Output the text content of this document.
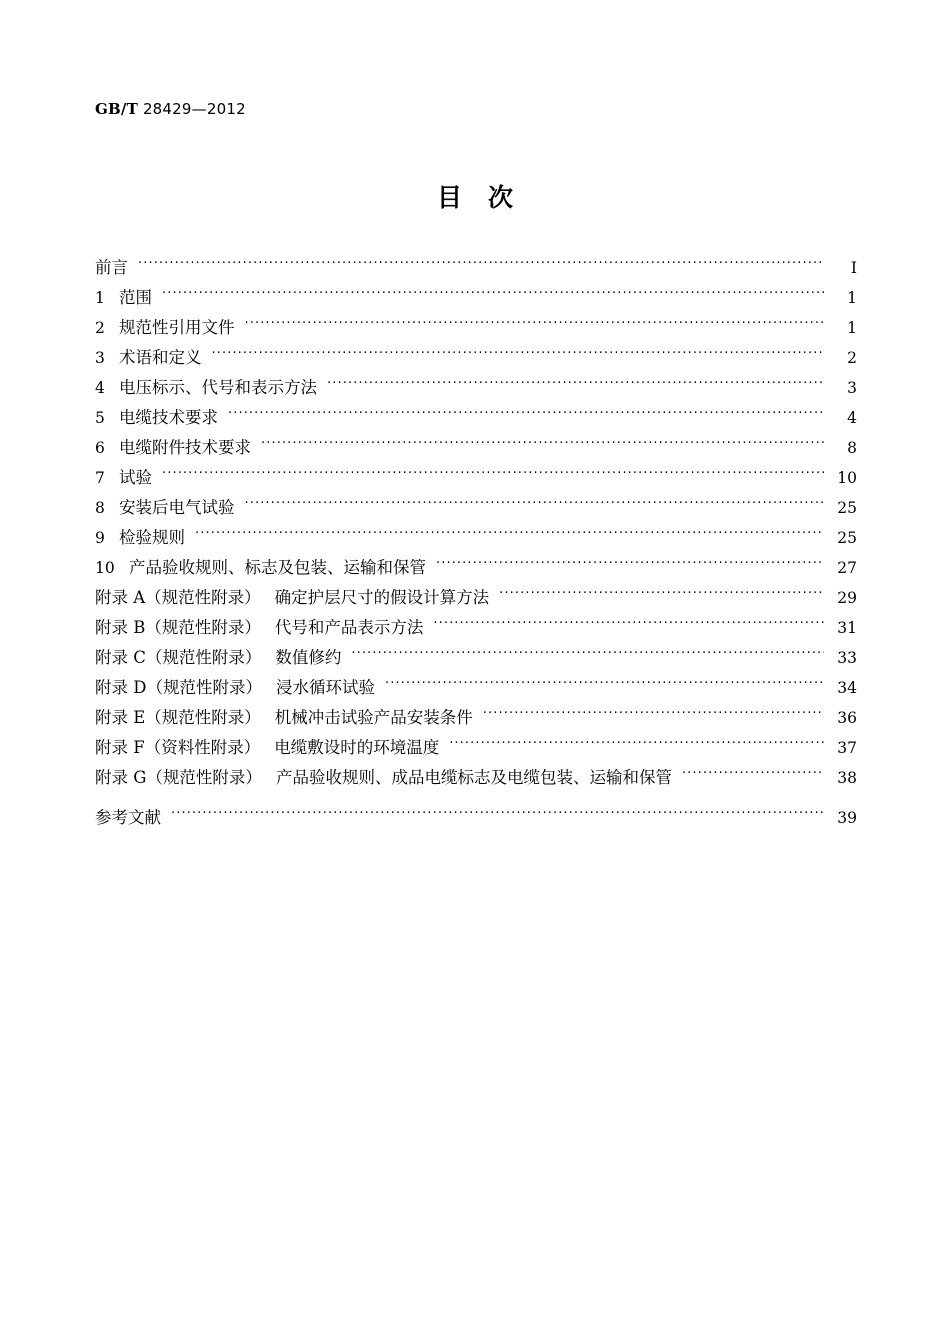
GB/T 28429—2012
目次
前言 ·····	I
1 范围 ·····	1
2 规范性引用文件 ·····	1
3 术语和定义 ·····	2
4 电压标示、代号和表示方法 ·····	3
5 电缆技术要求 ·····	4
6 电缆附件技术要求 ·····	8
7 试验 ·····	10
8 安装后电气试验 ·····	25
9 检验规则 ·····	25
10 产品验收规则、标志及包装、运输和保管 ·····	27
附录 A（规范性附录） 确定护层尺寸的假设计算方法 ·····	29
附录 B（规范性附录） 代号和产品表示方法 ·····	31
附录 C（规范性附录） 数值修约 ·····	33
附录 D（规范性附录） 浸水循环试验 ·····	34
附录 E（规范性附录） 机械冲击试验产品安装条件 ·····	36
附录 F（资料性附录） 电缆敷设时的环境温度 ·····	37
附录 G（规范性附录） 产品验收规则、成品电缆标志及电缆包装、运输和保管 ·····	38
参考文献 ·····	39
